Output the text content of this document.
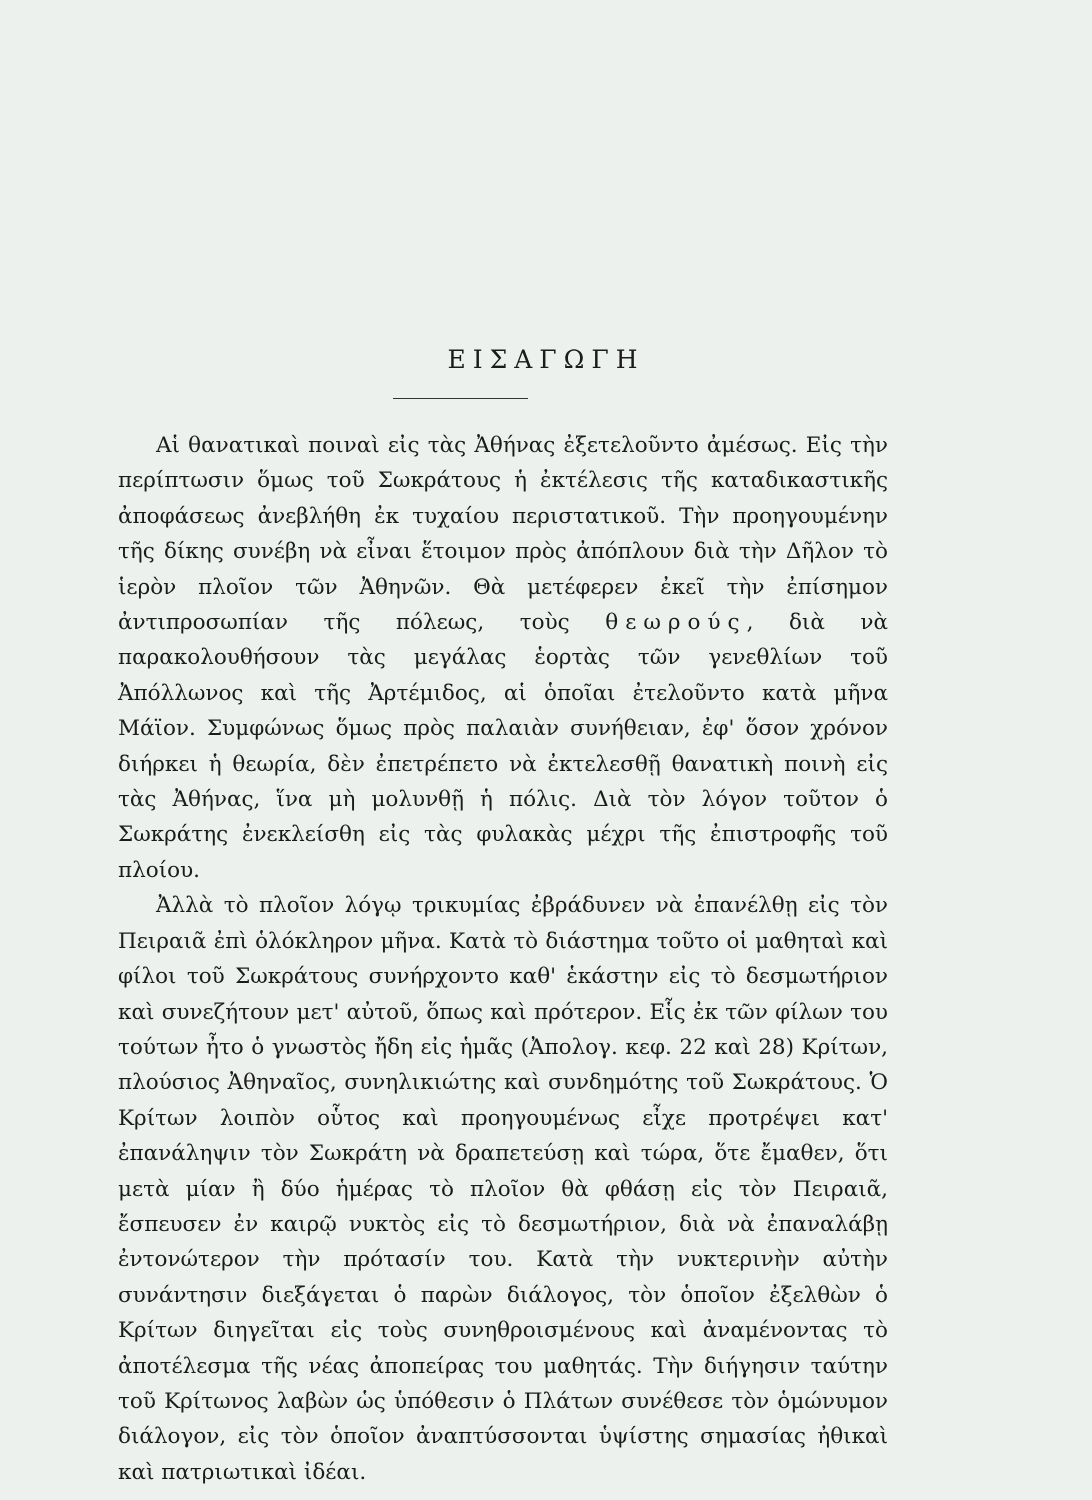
ΕΙΣΑΓΩΓΗ

Αἱ θανατικαὶ ποιναὶ εἰς τὰς Ἀθήνας ἐξετελοῦντο ἀμέσως. Εἰς τὴν περίπτωσιν ὅμως τοῦ Σωκράτους ἡ ἐκτέλεσις τῆς καταδικαστικῆς ἀποφάσεως ἀνεβλήθη ἐκ τυχαίου περιστατικοῦ. Τὴν προηγουμένην τῆς δίκης συνέβη νὰ εἶναι ἕτοιμον πρὸς ἀπόπλουν διὰ τὴν Δῆλον τὸ ἱερὸν πλοῖον τῶν Ἀθηνῶν. Θὰ μετέφερεν ἐκεῖ τὴν ἐπίσημον ἀντιπροσωπίαν τῆς πόλεως, τοὺς θεωρούς, διὰ νὰ παρακολουθήσουν τὰς μεγάλας ἑορτὰς τῶν γενεθλίων τοῦ Ἀπόλλωνος καὶ τῆς Ἀρτέμιδος, αἱ ὁποῖαι ἐτελοῦντο κατὰ μῆνα Μάϊον. Συμφώνως ὅμως πρὸς παλαιὰν συνήθειαν, ἐφ' ὅσον χρόνον διήρκει ἡ θεωρία, δὲν ἐπετρέπετο νὰ ἐκτελεσθῇ θανατικὴ ποινὴ εἰς τὰς Ἀθήνας, ἵνα μὴ μολυνθῇ ἡ πόλις. Διὰ τὸν λόγον τοῦτον ὁ Σωκράτης ἐνεκλείσθη εἰς τὰς φυλακὰς μέχρι τῆς ἐπιστροφῆς τοῦ πλοίου.

Ἀλλὰ τὸ πλοῖον λόγῳ τρικυμίας ἐβράδυνεν νὰ ἐπανέλθῃ εἰς τὸν Πειραιᾶ ἐπὶ ὁλόκληρον μῆνα. Κατὰ τὸ διάστημα τοῦτο οἱ μαθηταὶ καὶ φίλοι τοῦ Σωκράτους συνήρχοντο καθ' ἑκάστην εἰς τὸ δεσμωτήριον καὶ συνεζήτουν μετ' αὐτοῦ, ὅπως καὶ πρότερον. Εἷς ἐκ τῶν φίλων του τούτων ἦτο ὁ γνωστὸς ἤδη εἰς ἡμᾶς (Ἀπολογ. κεφ. 22 καὶ 28) Κρίτων, πλούσιος Ἀθηναῖος, συνηλικιώτης καὶ συνδημότης τοῦ Σωκράτους. Ὁ Κρίτων λοιπὸν οὗτος καὶ προηγουμένως εἶχε προτρέψει κατ' ἐπανάληψιν τὸν Σωκράτη νὰ δραπετεύσῃ καὶ τώρα, ὅτε ἔμαθεν, ὅτι μετὰ μίαν ἢ δύο ἡμέρας τὸ πλοῖον θὰ φθάσῃ εἰς τὸν Πειραιᾶ, ἔσπευσεν ἐν καιρῷ νυκτὸς εἰς τὸ δεσμωτήριον, διὰ νὰ ἐπαναλάβῃ ἐντονώτερον τὴν πρότασίν του. Κατὰ τὴν νυκτερινὴν αὐτὴν συνάντησιν διεξάγεται ὁ παρὼν διάλογος, τὸν ὁποῖον ἐξελθὼν ὁ Κρίτων διηγεῖται εἰς τοὺς συνηθροισμένους καὶ ἀναμένοντας τὸ ἀποτέλεσμα τῆς νέας ἀποπείρας του μαθητάς. Τὴν διήγησιν ταύτην τοῦ Κρίτωνος λαβὼν ὡς ὑπόθεσιν ὁ Πλάτων συνέθεσε τὸν ὁμώνυμον διάλογον, εἰς τὸν ὁποῖον ἀναπτύσσονται ὑψίστης σημασίας ἠθικαὶ καὶ πατριωτικαὶ ἰδέαι.
